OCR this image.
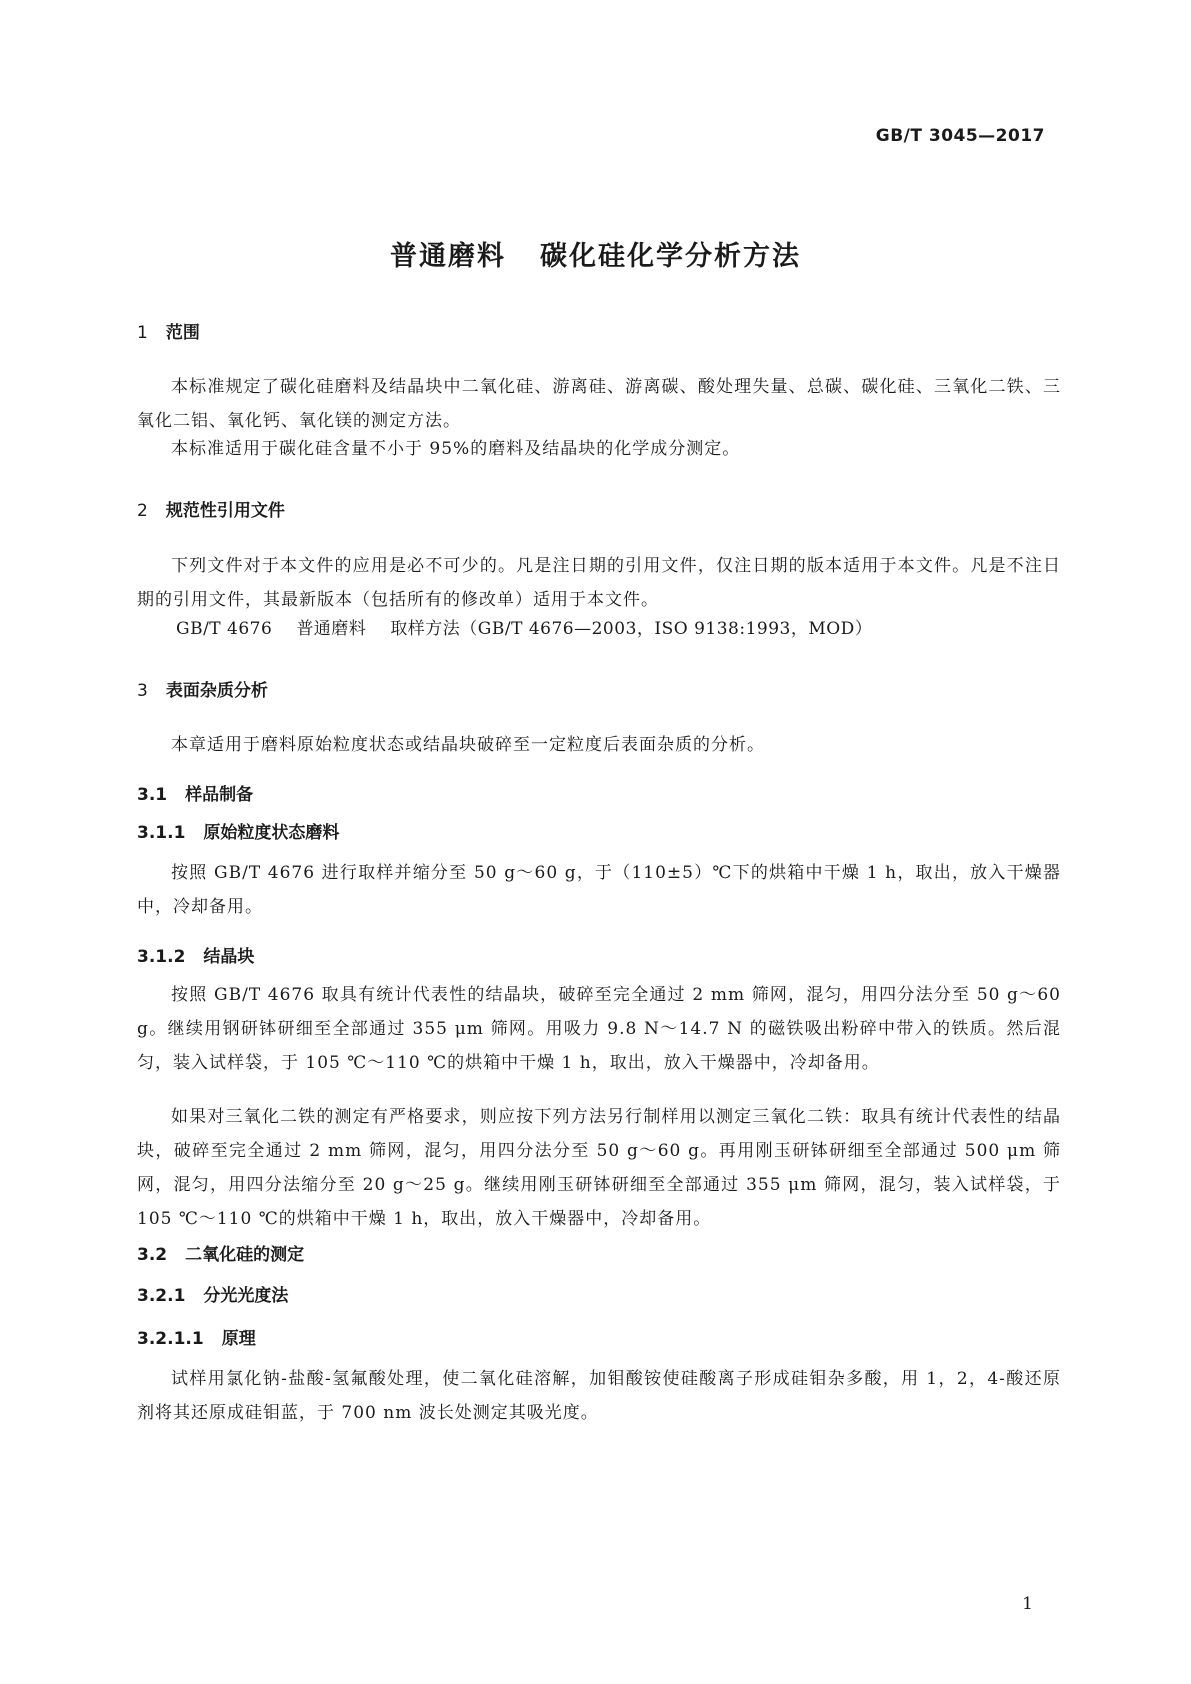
GB/T 3045—2017
普通磨料 碳化硅化学分析方法
1 范围
本标准规定了碳化硅磨料及结晶块中二氧化硅、游离硅、游离碳、酸处理失量、总碳、碳化硅、三氧化二铁、三氧化二铝、氧化钙、氧化镁的测定方法。
本标准适用于碳化硅含量不小于 95%的磨料及结晶块的化学成分测定。
2 规范性引用文件
下列文件对于本文件的应用是必不可少的。凡是注日期的引用文件，仅注日期的版本适用于本文件。凡是不注日期的引用文件，其最新版本（包括所有的修改单）适用于本文件。
GB/T 4676 普通磨料 取样方法（GB/T 4676—2003，ISO 9138:1993，MOD）
3 表面杂质分析
本章适用于磨料原始粒度状态或结晶块破碎至一定粒度后表面杂质的分析。
3.1 样品制备
3.1.1 原始粒度状态磨料
按照 GB/T 4676 进行取样并缩分至 50 g～60 g，于（110±5）℃下的烘箱中干燥 1 h，取出，放入干燥器中，冷却备用。
3.1.2 结晶块
按照 GB/T 4676 取具有统计代表性的结晶块，破碎至完全通过 2 mm 筛网，混匀，用四分法分至 50 g～60 g。继续用钢研钵研细至全部通过 355 μm 筛网。用吸力 9.8 N～14.7 N 的磁铁吸出粉碎中带入的铁质。然后混匀，装入试样袋，于 105 ℃～110 ℃的烘箱中干燥 1 h，取出，放入干燥器中，冷却备用。
如果对三氧化二铁的测定有严格要求，则应按下列方法另行制样用以测定三氧化二铁：取具有统计代表性的结晶块，破碎至完全通过 2 mm 筛网，混匀，用四分法分至 50 g～60 g。再用刚玉研钵研细至全部通过 500 μm 筛网，混匀，用四分法缩分至 20 g～25 g。继续用刚玉研钵研细至全部通过 355 μm 筛网，混匀，装入试样袋，于 105 ℃～110 ℃的烘箱中干燥 1 h，取出，放入干燥器中，冷却备用。
3.2 二氧化硅的测定
3.2.1 分光光度法
3.2.1.1 原理
试样用氯化钠-盐酸-氢氟酸处理，使二氧化硅溶解，加钼酸铵使硅酸离子形成硅钼杂多酸，用 1，2，4-酸还原剂将其还原成硅钼蓝，于 700 nm 波长处测定其吸光度。
1
